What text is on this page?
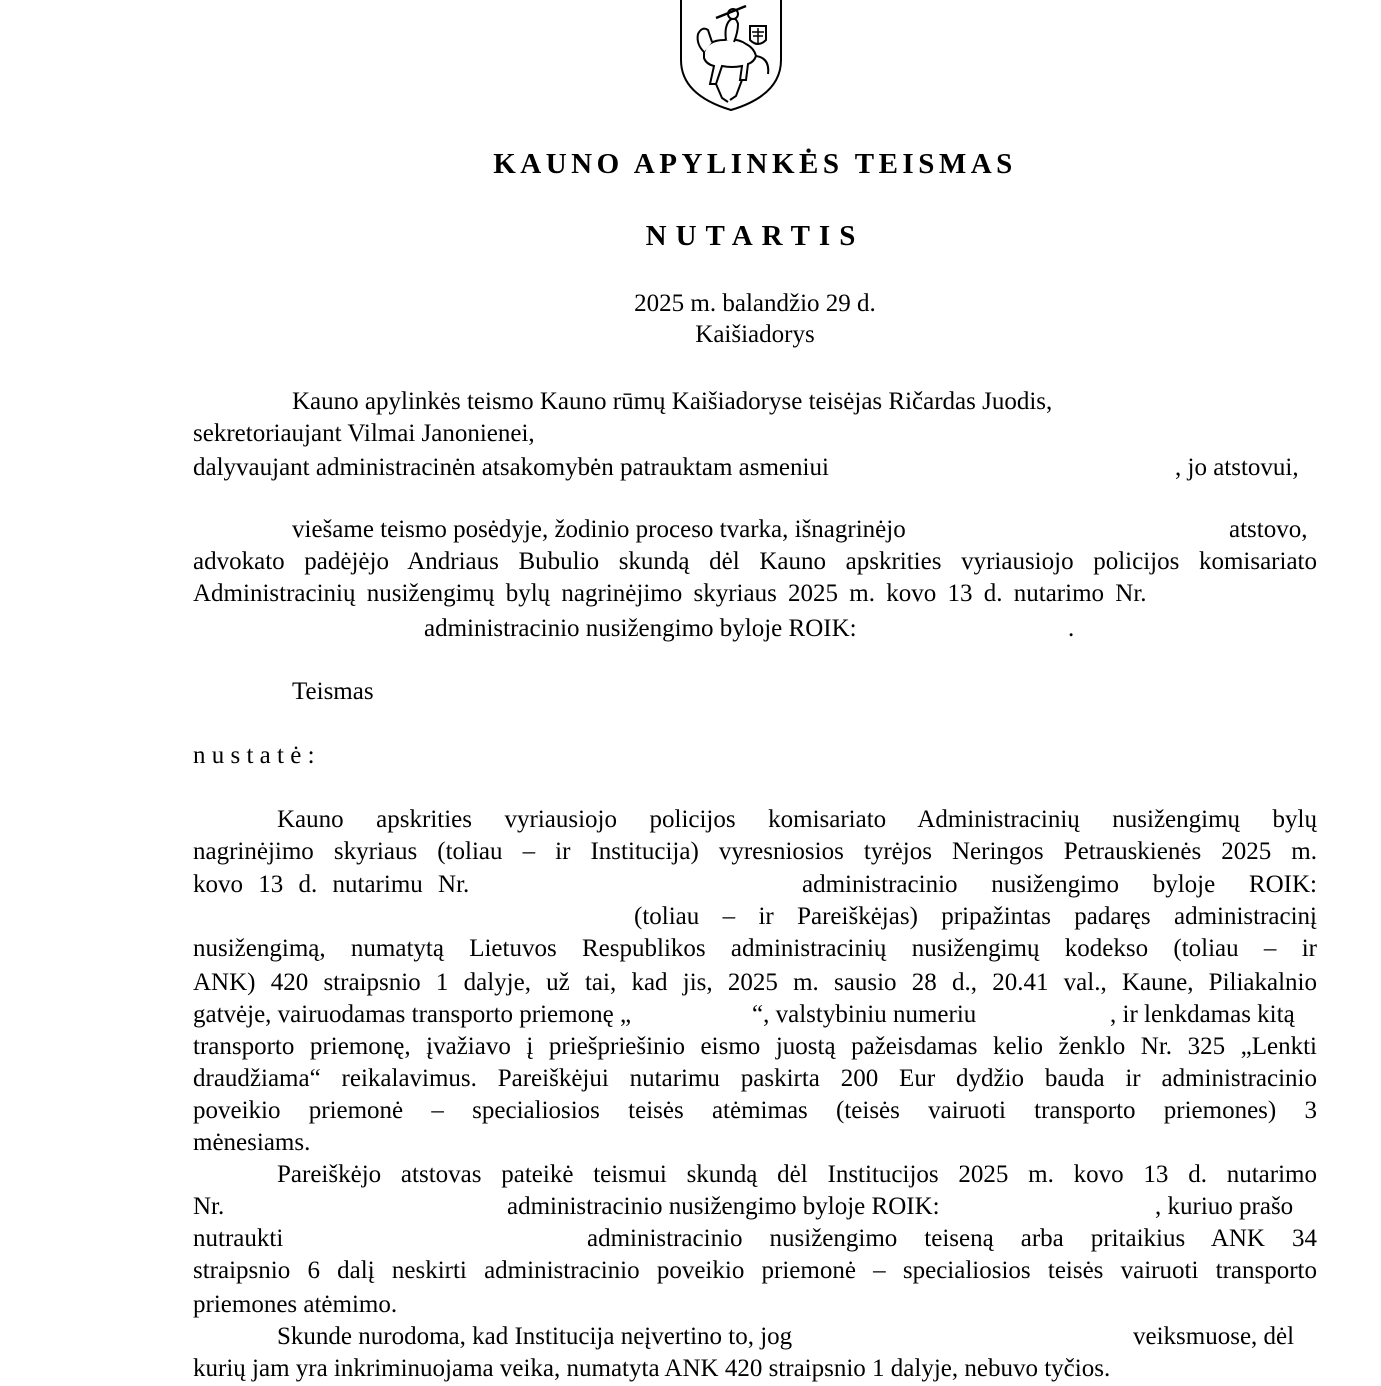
KAUNO APYLINKĖS TEISMAS
NUTARTIS
2025 m. balandžio 29 d.
Kaišiadorys
Kauno apylinkės teismo Kauno rūmų Kaišiadoryse teisėjas Ričardas Juodis,
sekretoriaujant Vilmai Janonienei,
dalyvaujant administracinėn atsakomybėn patrauktam asmeniui	, jo atstovui,
viešame teismo posėdyje, žodinio proceso tvarka, išnagrinėjo	atstovo,
advokato padėjėjo Andriaus Bubulio skundą dėl Kauno apskrities vyriausiojo policijos komisariato
Administracinių nusižengimų bylų nagrinėjimo skyriaus 2025 m. kovo 13 d. nutarimo Nr.
administracinio nusižengimo byloje ROIK:	.
Teismas
n u s t a t ė :
Kauno apskrities vyriausiojo policijos komisariato Administracinių nusižengimų bylų
nagrinėjimo skyriaus (toliau – ir Institucija) vyresniosios tyrėjos Neringos Petrauskienės 2025 m.
kovo 13 d. nutarimu Nr.	administracinio nusižengimo byloje ROIK:
(toliau – ir Pareiškėjas) pripažintas padaręs administracinį
nusižengimą, numatytą Lietuvos Respublikos administracinių nusižengimų kodekso (toliau – ir
ANK) 420 straipsnio 1 dalyje, už tai, kad jis, 2025 m. sausio 28 d., 20.41 val., Kaune, Piliakalnio
gatvėje, vairuodamas transporto priemonę „	“, valstybiniu numeriu	, ir lenkdamas kitą
transporto priemonę, įvažiavo į priešpriešinio eismo juostą pažeisdamas kelio ženklo Nr. 325 „Lenkti
draudžiama“ reikalavimus. Pareiškėjui nutarimu paskirta 200 Eur dydžio bauda ir administracinio
poveikio priemonė – specialiosios teisės atėmimas (teisės vairuoti transporto priemones) 3
mėnesiams.
Pareiškėjo atstovas pateikė teismui skundą dėl Institucijos 2025 m. kovo 13 d. nutarimo
Nr.	administracinio nusižengimo byloje ROIK:	, kuriuo prašo
nutraukti	administracinio nusižengimo teiseną arba pritaikius ANK 34
straipsnio 6 dalį neskirti administracinio poveikio priemonė – specialiosios teisės vairuoti transporto
priemones atėmimo.
Skunde nurodoma, kad Institucija neįvertino to, jog	veiksmuose, dėl
kurių jam yra inkriminuojama veika, numatyta ANK 420 straipsnio 1 dalyje, nebuvo tyčios.
